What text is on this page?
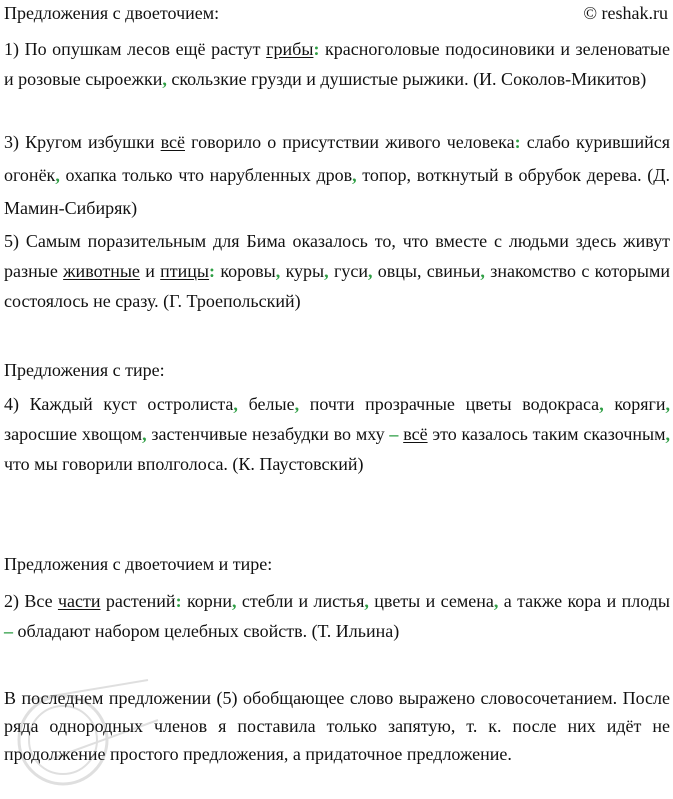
Предложения с двоеточием:	© reshak.ru

1) По опушкам лесов ещё растут грибы: красноголовые подосиновики и зеленоватые и розовые сыроежки, скользкие грузди и душистые рыжики. (И. Соколов-Микитов)

3) Кругом избушки всё говорило о присутствии живого человека: слабо курившийся огонёк, охапка только что нарубленных дров, топор, воткнутый в обрубок дерева. (Д. Мамин-Сибиряк)

5) Самым поразительным для Бима оказалось то, что вместе с людьми здесь живут разные животные и птицы: коровы, куры, гуси, овцы, свиньи, знакомство с которыми состоялось не сразу. (Г. Троепольский)

Предложения с тире:

4) Каждый куст остролиста, белые, почти прозрачные цветы водокраса, коряги, заросшие хвощом, застенчивые незабудки во мху – всё это казалось таким сказочным, что мы говорили вполголоса. (К. Паустовский)

Предложения с двоеточием и тире:

2) Все части растений: корни, стебли и листья, цветы и семена, а также кора и плоды – обладают набором целебных свойств. (Т. Ильина)

В последнем предложении (5) обобщающее слово выражено словосочетанием. После ряда однородных членов я поставила только запятую, т. к. после них идёт не продолжение простого предложения, а придаточное предложение.
